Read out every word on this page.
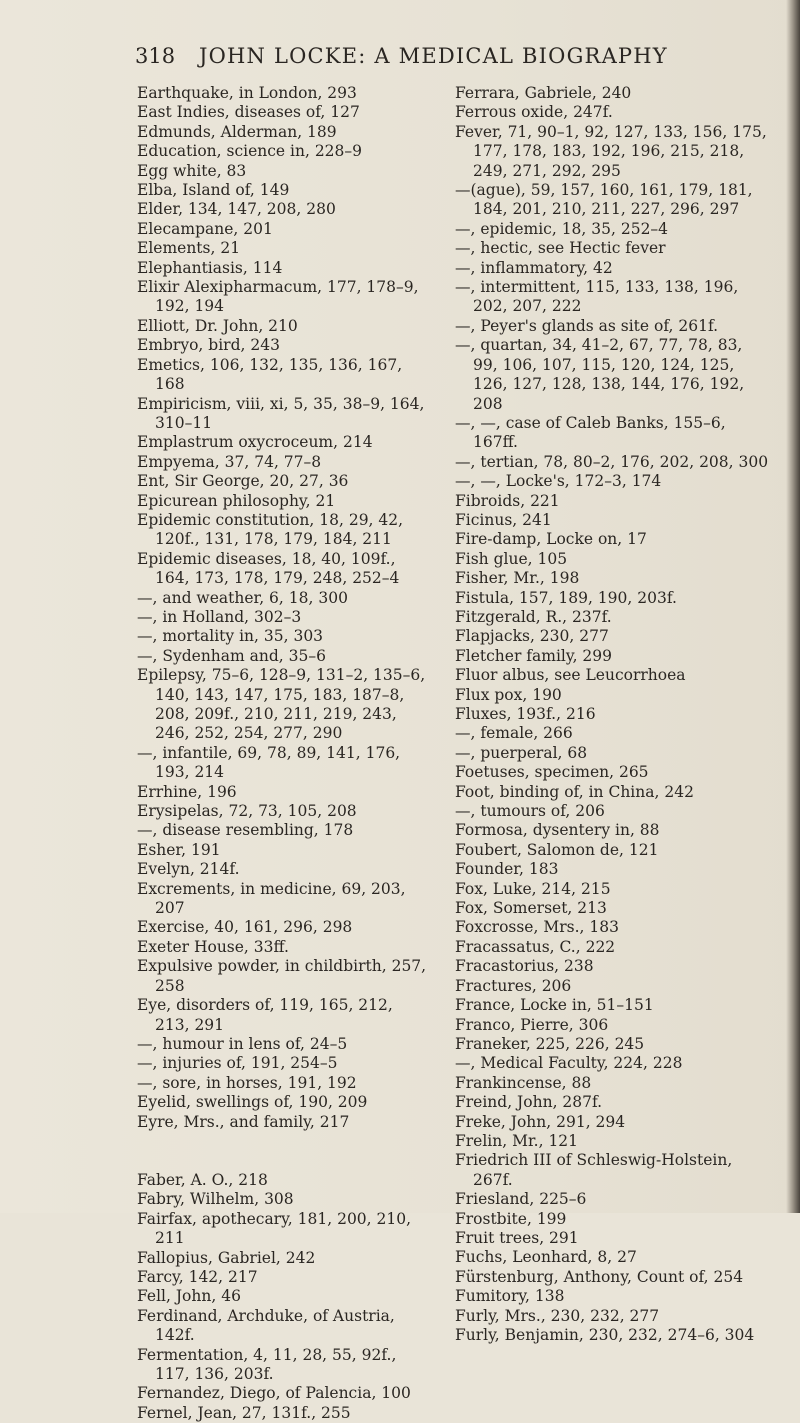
318 JOHN LOCKE: A MEDICAL BIOGRAPHY
Earthquake, in London, 293
East Indies, diseases of, 127
Edmunds, Alderman, 189
Education, science in, 228–9
Egg white, 83
Elba, Island of, 149
Elder, 134, 147, 208, 280
Elecampane, 201
Elements, 21
Elephantiasis, 114
Elixir Alexipharmacum, 177, 178–9, 192, 194
Elliott, Dr. John, 210
Embryo, bird, 243
Emetics, 106, 132, 135, 136, 167, 168
Empiricism, viii, xi, 5, 35, 38–9, 164, 310–11
Emplastrum oxycroceum, 214
Empyema, 37, 74, 77–8
Ent, Sir George, 20, 27, 36
Epicurean philosophy, 21
Epidemic constitution, 18, 29, 42, 120f., 131, 178, 179, 184, 211
Epidemic diseases, 18, 40, 109f., 164, 173, 178, 179, 248, 252–4
—, and weather, 6, 18, 300
—, in Holland, 302–3
—, mortality in, 35, 303
—, Sydenham and, 35–6
Epilepsy, 75–6, 128–9, 131–2, 135–6, 140, 143, 147, 175, 183, 187–8, 208, 209f., 210, 211, 219, 243, 246, 252, 254, 277, 290
—, infantile, 69, 78, 89, 141, 176, 193, 214
Errhine, 196
Erysipelas, 72, 73, 105, 208
—, disease resembling, 178
Esher, 191
Evelyn, 214f.
Excrements, in medicine, 69, 203, 207
Exercise, 40, 161, 296, 298
Exeter House, 33ff.
Expulsive powder, in childbirth, 257, 258
Eye, disorders of, 119, 165, 212, 213, 291
—, humour in lens of, 24–5
—, injuries of, 191, 254–5
—, sore, in horses, 191, 192
Eyelid, swellings of, 190, 209
Eyre, Mrs., and family, 217
Faber, A. O., 218
Fabry, Wilhelm, 308
Fairfax, apothecary, 181, 200, 210, 211
Fallopius, Gabriel, 242
Farcy, 142, 217
Fell, John, 46
Ferdinand, Archduke, of Austria, 142f.
Fermentation, 4, 11, 28, 55, 92f., 117, 136, 203f.
Fernandez, Diego, of Palencia, 100
Fernel, Jean, 27, 131f., 255
Ferrara, Gabriele, 240
Ferrous oxide, 247f.
Fever, 71, 90–1, 92, 127, 133, 156, 175, 177, 178, 183, 192, 196, 215, 218, 249, 271, 292, 295
—(ague), 59, 157, 160, 161, 179, 181, 184, 201, 210, 211, 227, 296, 297
—, epidemic, 18, 35, 252–4
—, hectic, see Hectic fever
—, inflammatory, 42
—, intermittent, 115, 133, 138, 196, 202, 207, 222
—, Peyer's glands as site of, 261f.
—, quartan, 34, 41–2, 67, 77, 78, 83, 99, 106, 107, 115, 120, 124, 125, 126, 127, 128, 138, 144, 176, 192, 208
—, —, case of Caleb Banks, 155–6, 167ff.
—, tertian, 78, 80–2, 176, 202, 208, 300
—, —, Locke's, 172–3, 174
Fibroids, 221
Ficinus, 241
Fire-damp, Locke on, 17
Fish glue, 105
Fisher, Mr., 198
Fistula, 157, 189, 190, 203f.
Fitzgerald, R., 237f.
Flapjacks, 230, 277
Fletcher family, 299
Fluor albus, see Leucorrhoea
Flux pox, 190
Fluxes, 193f., 216
—, female, 266
—, puerperal, 68
Foetuses, specimen, 265
Foot, binding of, in China, 242
—, tumours of, 206
Formosa, dysentery in, 88
Foubert, Salomon de, 121
Founder, 183
Fox, Luke, 214, 215
Fox, Somerset, 213
Foxcrosse, Mrs., 183
Fracassatus, C., 222
Fracastorius, 238
Fractures, 206
France, Locke in, 51–151
Franco, Pierre, 306
Franeker, 225, 226, 245
—, Medical Faculty, 224, 228
Frankincense, 88
Freind, John, 287f.
Freke, John, 291, 294
Frelin, Mr., 121
Friedrich III of Schleswig-Holstein, 267f.
Friesland, 225–6
Frostbite, 199
Fruit trees, 291
Fuchs, Leonhard, 8, 27
Fürstenburg, Anthony, Count of, 254
Fumitory, 138
Furly, Mrs., 230, 232, 277
Furly, Benjamin, 230, 232, 274–6, 304
